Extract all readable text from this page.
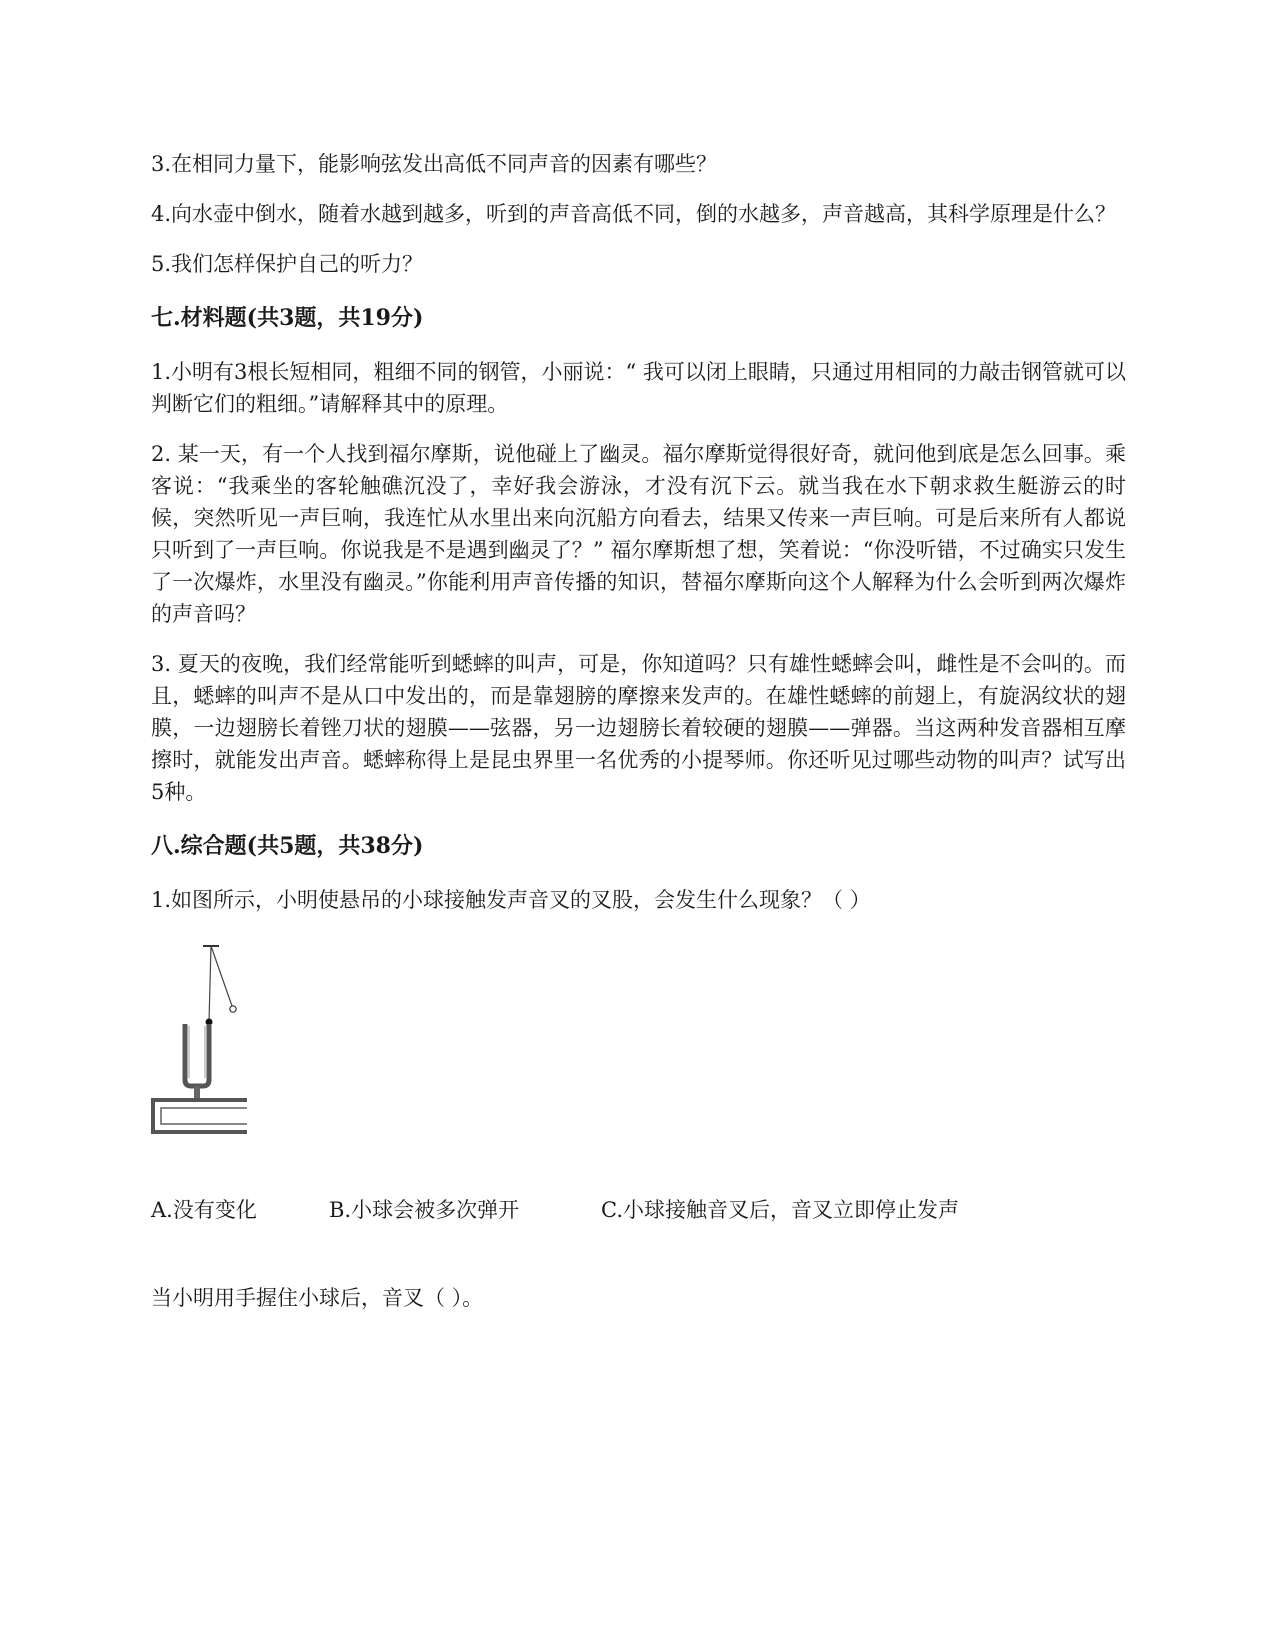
3.在相同力量下，能影响弦发出高低不同声音的因素有哪些？

4.向水壶中倒水，随着水越到越多，听到的声音高低不同，倒的水越多，声音越高，其科学原理是什么？

5.我们怎样保护自己的听力？

七.材料题(共3题，共19分)

1.小明有3根长短相同，粗细不同的钢管，小丽说：“ 我可以闭上眼睛，只通过用相同的力敲击钢管就可以判断它们的粗细。”请解释其中的原理。

2. 某一天，有一个人找到福尔摩斯，说他碰上了幽灵。福尔摩斯觉得很好奇，就问他到底是怎么回事。乘客说：“我乘坐的客轮触礁沉没了，幸好我会游泳，才没有沉下云。就当我在水下朝求救生艇游云的时候，突然听见一声巨响，我连忙从水里出来向沉船方向看去，结果又传来一声巨响。可是后来所有人都说只听到了一声巨响。你说我是不是遇到幽灵了？” 福尔摩斯想了想，笑着说：“你没听错，不过确实只发生了一次爆炸，水里没有幽灵。”你能利用声音传播的知识，替福尔摩斯向这个人解释为什么会听到两次爆炸的声音吗？

3. 夏天的夜晚，我们经常能听到蟋蟀的叫声，可是，你知道吗？只有雄性蟋蟀会叫，雌性是不会叫的。而且，蟋蟀的叫声不是从口中发出的，而是靠翅膀的摩擦来发声的。在雄性蟋蟀的前翅上，有旋涡纹状的翅膜，一边翅膀长着锉刀状的翅膜——弦器，另一边翅膀长着较硬的翅膜——弹器。当这两种发音器相互摩擦时，就能发出声音。蟋蟀称得上是昆虫界里一名优秀的小提琴师。你还听见过哪些动物的叫声？试写出5种。

八.综合题(共5题，共38分)

1.如图所示，小明使悬吊的小球接触发声音叉的叉股，会发生什么现象？（ ）

A.没有变化	B.小球会被多次弹开	C.小球接触音叉后，音叉立即停止发声

当小明用手握住小球后，音叉（ ）。
